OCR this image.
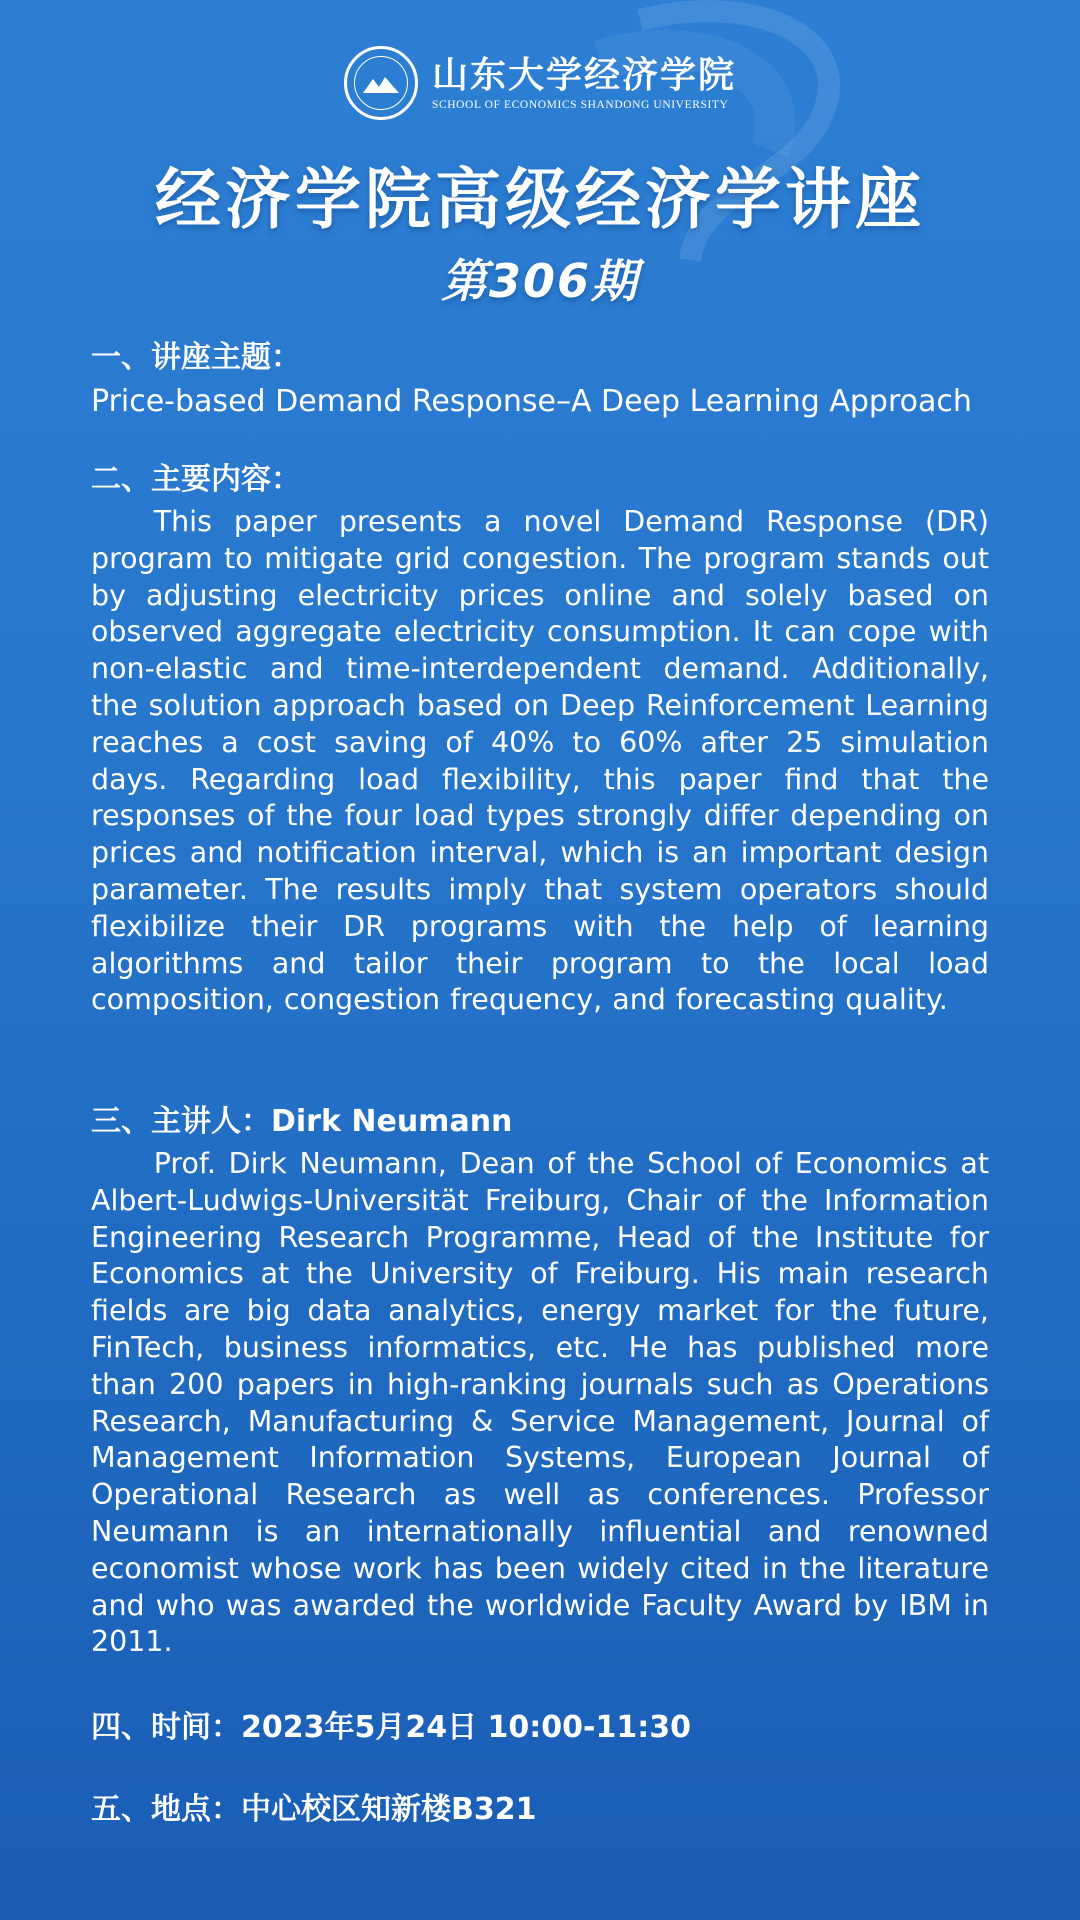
山东大学经济学院
SCHOOL OF ECONOMICS SHANDONG UNIVERSITY
经济学院高级经济学讲座
第306期
一、讲座主题：
Price-based Demand Response–A Deep Learning Approach
二、主要内容：

This paper presents a novel Demand Response (DR) program to mitigate grid congestion. The program stands out by adjusting electricity prices online and solely based on observed aggregate electricity consumption. It can cope with non-elastic and time-interdependent demand. Additionally, the solution approach based on Deep Reinforcement Learning reaches a cost saving of 40% to 60% after 25 simulation days. Regarding load flexibility, this paper find that the responses of the four load types strongly differ depending on prices and notification interval, which is an important design parameter. The results imply that system operators should flexibilize their DR programs with the help of learning algorithms and tailor their program to the local load composition, congestion frequency, and forecasting quality.

三、主讲人：Dirk Neumann

Prof. Dirk Neumann, Dean of the School of Economics at Albert-Ludwigs-Universität Freiburg, Chair of the Information Engineering Research Programme, Head of the Institute for Economics at the University of Freiburg. His main research fields are big data analytics, energy market for the future, FinTech, business informatics, etc. He has published more than 200 papers in high-ranking journals such as Operations Research, Manufacturing & Service Management, Journal of Management Information Systems, European Journal of Operational Research as well as conferences. Professor Neumann is an internationally influential and renowned economist whose work has been widely cited in the literature and who was awarded the worldwide Faculty Award by IBM in 2011.

四、时间：2023年5月24日 10:00-11:30
五、地点：中心校区知新楼B321
